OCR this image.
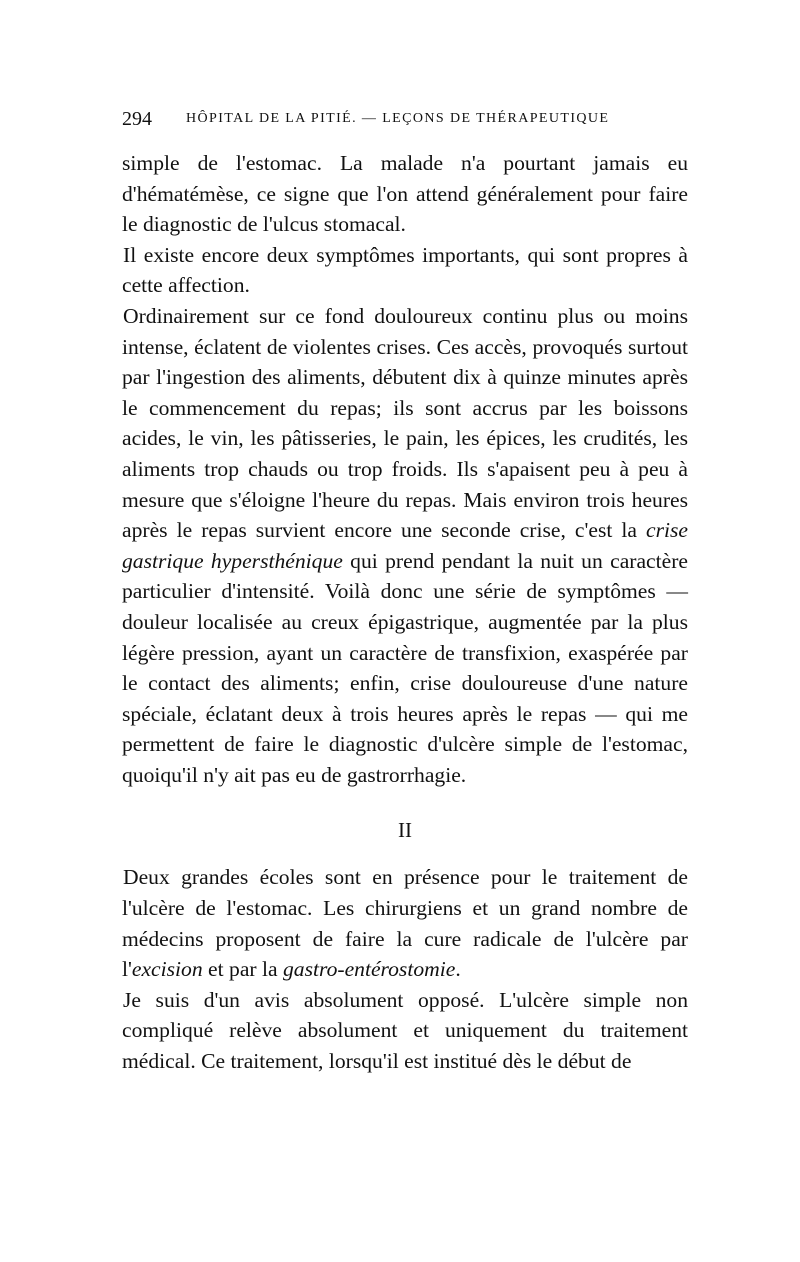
294 HÔPITAL DE LA PITIÉ. — LEÇONS DE THÉRAPEUTIQUE

simple de l'estomac. La malade n'a pourtant jamais eu d'hématémèse, ce signe que l'on attend généralement pour faire le diagnostic de l'ulcus stomacal.

Il existe encore deux symptômes importants, qui sont propres à cette affection.

Ordinairement sur ce fond douloureux continu plus ou moins intense, éclatent de violentes crises. Ces accès, provoqués surtout par l'ingestion des aliments, débutent dix à quinze minutes après le commencement du repas; ils sont accrus par les boissons acides, le vin, les pâtisseries, le pain, les épices, les crudités, les aliments trop chauds ou trop froids. Ils s'apaisent peu à peu à mesure que s'éloigne l'heure du repas. Mais environ trois heures après le repas survient encore une seconde crise, c'est la crise gastrique hypersthénique qui prend pendant la nuit un caractère particulier d'intensité. Voilà donc une série de symptômes — douleur localisée au creux épigastrique, augmentée par la plus légère pression, ayant un caractère de transfixion, exaspérée par le contact des aliments; enfin, crise douloureuse d'une nature spéciale, éclatant deux à trois heures après le repas — qui me permettent de faire le diagnostic d'ulcère simple de l'estomac, quoiqu'il n'y ait pas eu de gastrorrhagie.

II

Deux grandes écoles sont en présence pour le traitement de l'ulcère de l'estomac. Les chirurgiens et un grand nombre de médecins proposent de faire la cure radicale de l'ulcère par l'excision et par la gastro-entérostomie.

Je suis d'un avis absolument opposé. L'ulcère simple non compliqué relève absolument et uniquement du traitement médical. Ce traitement, lorsqu'il est institué dès le début de
